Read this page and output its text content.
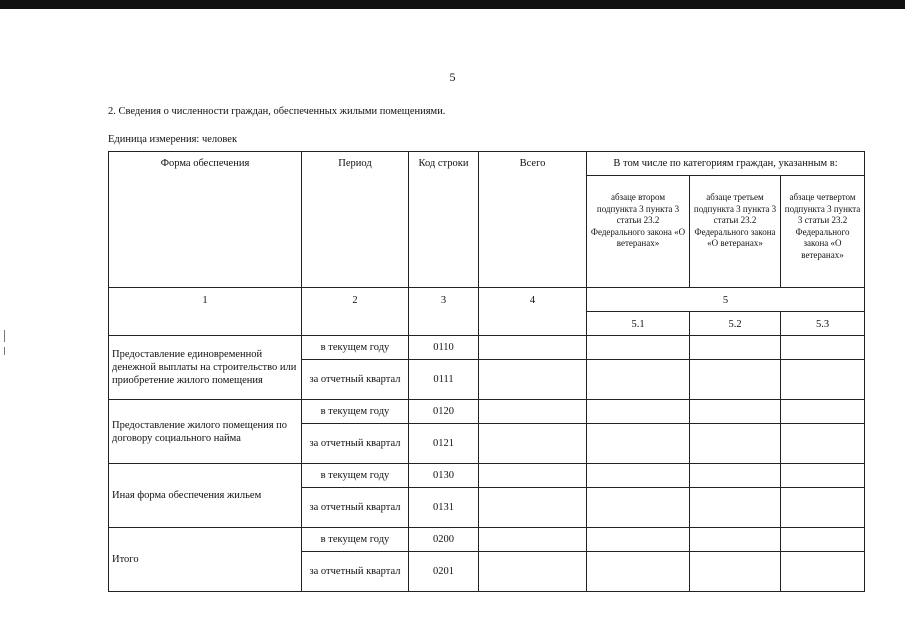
5
2. Сведения о численности граждан, обеспеченных жилыми помещениями.
Единица измерения: человек
Форма обеспечения	Период	Код строки	Всего	В том числе по категориям граждан, указанным в:		
				абзаце втором подпункта 3 пункта 3 статьи 23.2 Федерального закона «О ветеранах»	абзаце третьем подпункта 3 пункта 3 статьи 23.2 Федерального закона «О ветеранах»	абзаце четвертом подпункта 3 пункта 3 статьи 23.2 Федерального закона «О ветеранах»
1	2	3	4	5		
				5.1	5.2	5.3
Предоставление единовременной денежной выплаты на строительство или приобретение жилого помещения	в текущем году	0110				
	за отчетный квартал	0111				
Предоставление жилого помещения по договору социального найма	в текущем году	0120				
	за отчетный квартал	0121				
Иная форма обеспечения жильем	в текущем году	0130				
	за отчетный квартал	0131				
Итого	в текущем году	0200				
	за отчетный квартал	0201				
